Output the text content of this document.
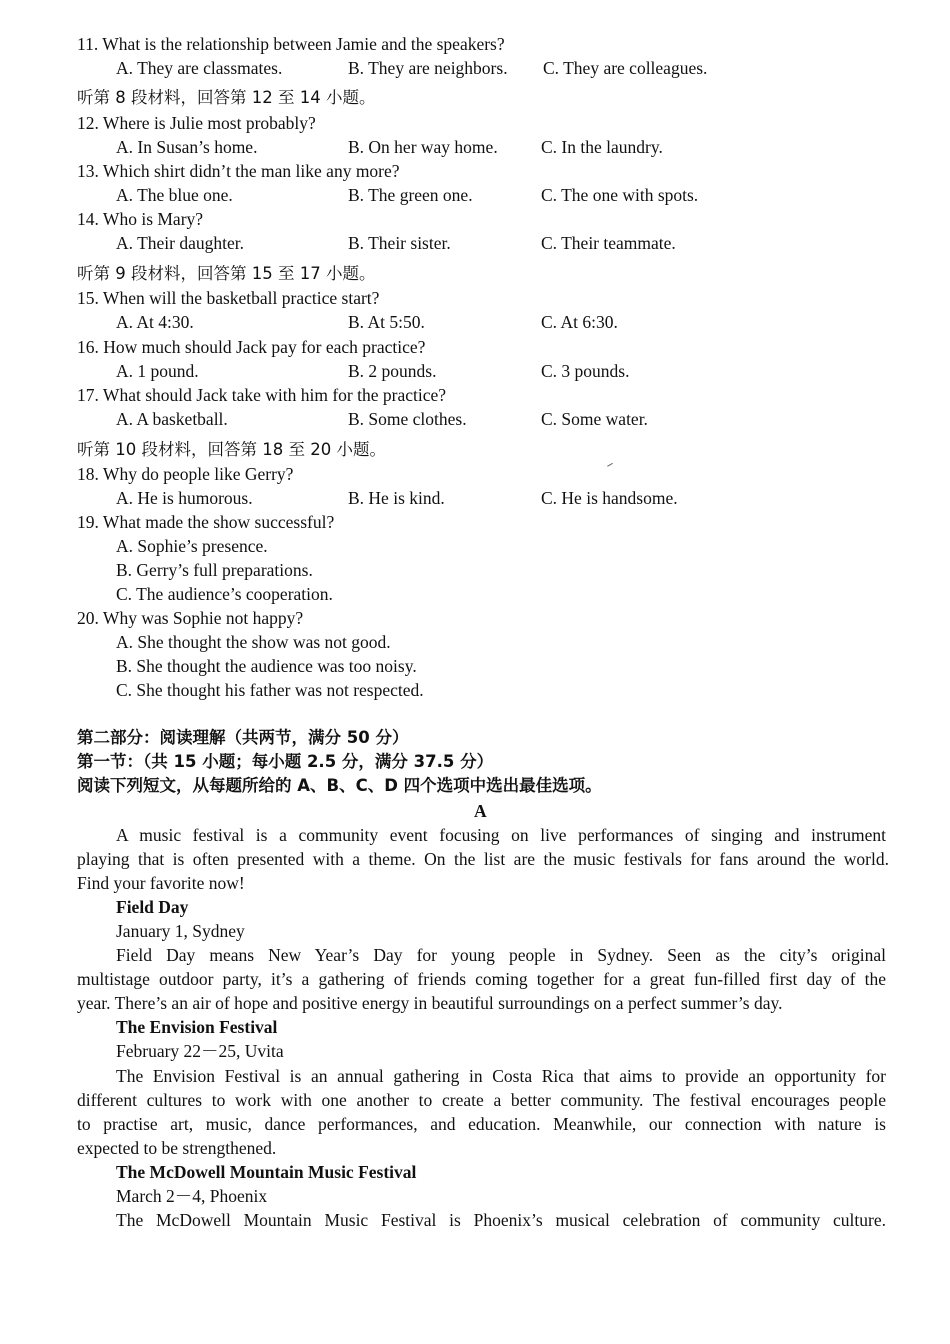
11. What is the relationship between Jamie and the speakers?
A. They are classmates.	B. They are neighbors. C. They are colleagues.
听第 8 段材料，回答第 12 至 14 小题。
12. Where is Julie most probably?
A. In Susan’s home.	B. On her way home. C. In the laundry.
13. Which shirt didn’t the man like any more?
A. The blue one.	B. The green one.	C. The one with spots.
14. Who is Mary?
A. Their daughter.	B. Their sister.	C. Their teammate.
听第 9 段材料，回答第 15 至 17 小题。
15. When will the basketball practice start?
A. At 4:30.	B. At 5:50.	C. At 6:30.
16. How much should Jack pay for each practice?
A. 1 pound.	B. 2 pounds.	C. 3 pounds.
17. What should Jack take with him for the practice?
A. A basketball.	B. Some clothes.	C. Some water.
听第 10 段材料，回答第 18 至 20 小题。
18. Why do people like Gerry?
A. He is humorous.	B. He is kind.	C. He is handsome.
19. What made the show successful?
A. Sophie’s presence.
B. Gerry’s full preparations.
C. The audience’s cooperation.
20. Why was Sophie not happy?
A. She thought the show was not good.
B. She thought the audience was too noisy.
C. She thought his father was not respected.
第二部分：阅读理解（共两节，满分 50 分）
第一节：（共 15 小题；每小题 2.5 分，满分 37.5 分）
阅读下列短文，从每题所给的 A、B、C、D 四个选项中选出最佳选项。
A
A music festival is a community event focusing on live performances of singing and instrument
playing that is often presented with a theme. On the list are the music festivals for fans around the world.
Find your favorite now!
Field Day
January 1, Sydney
Field Day means New Year’s Day for young people in Sydney. Seen as the city’s original
multistage outdoor party, it’s a gathering of friends coming together for a great fun-filled first day of the
year. There’s an air of hope and positive energy in beautiful surroundings on a perfect summer’s day.
The Envision Festival
February 22－25, Uvita
The Envision Festival is an annual gathering in Costa Rica that aims to provide an opportunity for
different cultures to work with one another to create a better community. The festival encourages people
to practise art, music, dance performances, and education. Meanwhile, our connection with nature is
expected to be strengthened.
The McDowell Mountain Music Festival
March 2－4, Phoenix
The McDowell Mountain Music Festival is Phoenix’s musical celebration of community culture.
